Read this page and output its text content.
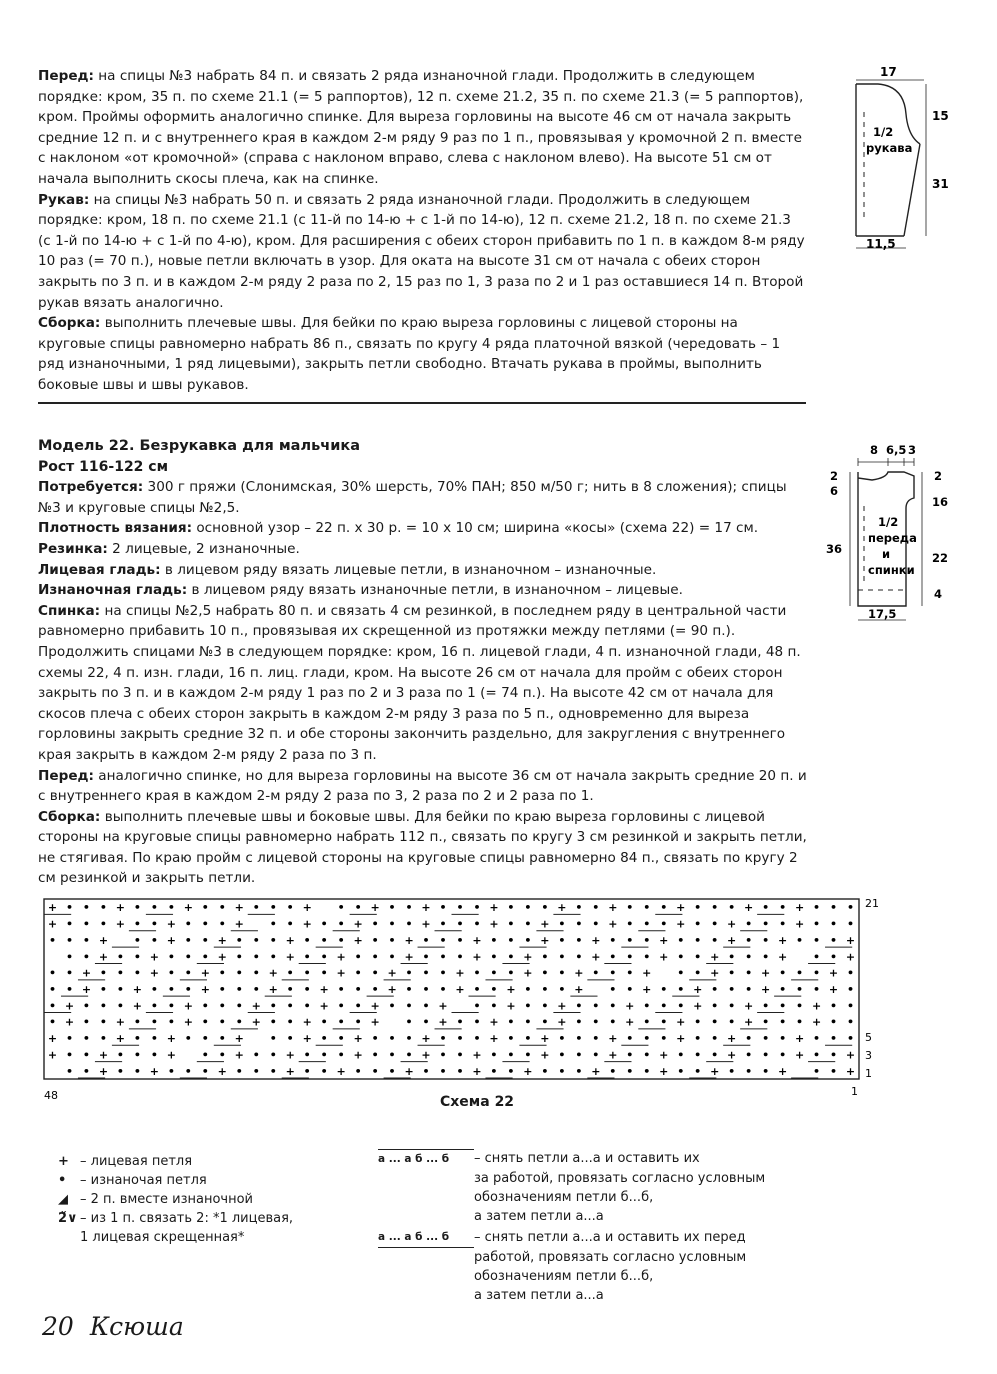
Перед: на спицы №3 набрать 84 п. и связать 2 ряда изнаночной глади. Продолжить в следующем порядке: кром, 35 п. по схеме 21.1 (= 5 раппортов), 12 п. схеме 21.2, 35 п. по схеме 21.3 (= 5 раппортов), кром. Проймы оформить аналогично спинке. Для выреза горловины на высоте 46 см от начала закрыть средние 12 п. и с внутреннего края в каждом 2-м ряду 9 раз по 1 п., провязывая у кромочной 2 п. вместе с наклоном «от кромочной» (справа с наклоном вправо, слева с наклоном влево). На высоте 51 см от начала выполнить скосы плеча, как на спинке.

Рукав: на спицы №3 набрать 50 п. и связать 2 ряда изнаночной глади. Продолжить в следующем порядке: кром, 18 п. по схеме 21.1 (с 11-й по 14-ю + с 1-й по 14-ю), 12 п. схеме 21.2, 18 п. по схеме 21.3 (с 1-й по 14-ю + с 1-й по 4-ю), кром. Для расширения с обеих сторон прибавить по 1 п. в каждом 8-м ряду 10 раз (= 70 п.), новые петли включать в узор. Для оката на высоте 31 см от начала с обеих сторон закрыть по 3 п. и в каждом 2-м ряду 2 раза по 2, 15 раз по 1, 3 раза по 2 и 1 раз оставшиеся 14 п. Второй рукав вязать аналогично.

Сборка: выполнить плечевые швы. Для бейки по краю выреза горловины с лицевой стороны на круговые спицы равномерно набрать 86 п., связать по кругу 4 ряда платочной вязкой (чередовать – 1 ряд изнаночными, 1 ряд лицевыми), закрыть петли свободно. Втачать рукава в проймы, выполнить боковые швы и швы рукавов.

17
15
31
11,5
1/2
рукава

Модель 22. Безрукавка для мальчика

Рост 116-122 см

Потребуется: 300 г пряжи (Слонимская, 30% шерсть, 70% ПАН; 850 м/50 г; нить в 8 сложения); спицы №3 и круговые спицы №2,5.

Плотность вязания: основной узор – 22 п. х 30 р. = 10 х 10 см; ширина «косы» (схема 22) = 17 см.

Резинка: 2 лицевые, 2 изнаночные.

Лицевая гладь: в лицевом ряду вязать лицевые петли, в изнаночном – изнаночные.

Изнаночная гладь: в лицевом ряду вязать изнаночные петли, в изнаночном – лицевые.

Спинка: на спицы №2,5 набрать 80 п. и связать 4 см резинкой, в последнем ряду в центральной части равномерно прибавить 10 п., провязывая их скрещенной из протяжки между петлями (= 90 п.). Продолжить спицами №3 в следующем порядке: кром, 16 п. лицевой глади, 4 п. изнаночной глади, 48 п. схемы 22, 4 п. изн. глади, 16 п. лиц. глади, кром. На высоте 26 см от начала для пройм с обеих сторон закрыть по 3 п. и в каждом 2-м ряду 1 раз по 2 и 3 раза по 1 (= 74 п.). На высоте 42 см от начала для скосов плеча с обеих сторон закрыть в каждом 2-м ряду 3 раза по 5 п., одновременно для выреза горловины закрыть средние 32 п. и обе стороны закончить раздельно, для закругления с внутреннего края закрыть в каждом 2-м ряду 2 раза по 3 п.

Перед: аналогично спинке, но для выреза горловины на высоте 36 см от начала закрыть средние 20 п. и с внутреннего края в каждом 2-м ряду 2 раза по 3, 2 раза по 2 и 2 раза по 1.

Сборка: выполнить плечевые швы и боковые швы. Для бейки по краю выреза горловины с лицевой стороны на круговые спицы равномерно набрать 112 п., связать по кругу 3 см резинкой и закрыть петли, не стягивая. По краю пройм с лицевой стороны на круговые спицы равномерно 84 п., связать по кругу 2 см резинкой и закрыть петли.

8 6,5 3
2
6
36
2
16
22
4
17,5
1/2
переда
и
спинки
+ • • • + • • • + • • + • • • + • • + • • + • • • + • • • + • • + • • • + • • • + • • + • • •
+ • • • + • • + • • • + • • + • • + • • • + • • • + • • + • • • + • • • + • • + • • • + • • •
• • • + • • + • • + • • • + • • • + • • + • • • + • • • + • • + • • • + • • • + • • + • • • +
• • + • • + • • • + • • • + • • + • • • + • • • + • • + • • • + • • • + • • + • • • + • • +
• • + • • • + • • + • • • + • • • + • • + • • • + • • • + • • + • • • + • • + • • + • • • + •
• • + • • + • • • + • • • + • • + • • • + • • • + • • + • • • + • • + • • + • • • + • • • + •
• + • • • + • • + • • • + • • • + • • + • • • + • • + • • + • • • + • • • + • • + • • • + • •
• + • • + • • • + • • • + • • + • • • + • • + • • + • • • + • • • + • • + • • • + • • • + • •
+ • • • + • • + • • • + • • + • • + • • • + • • • + • • + • • • + • • • + • • + • • • + • • •
+ • • + • • • + • • + • • + • • • + • • • + • • + • • • + • • • + • • + • • • + • • • + • • +
• • + • • + • • • + • • • + • • + • • • + • • • + • • + • • • + • • • + • • + • • • + • • +
48	1
21
5
3
1
Схема 22
+ – лицевая петля
•	– изнаночая петля
◢ – 2 п. вместе изнаночной
2̌∨ – из 1 п. связать 2: *1 лицевая,
1 лицевая скрещенная*
а ... а б ... б	– снять петли а...а и оставить их
за работой, провязать согласно условным
обозначениям петли б...б,
а затем петли а...а
а ... а б ... б	– снять петли а...а и оставить их перед
работой, провязать согласно условным
обозначениям петли б...б,
а затем петли а...а
20 Ксюша
